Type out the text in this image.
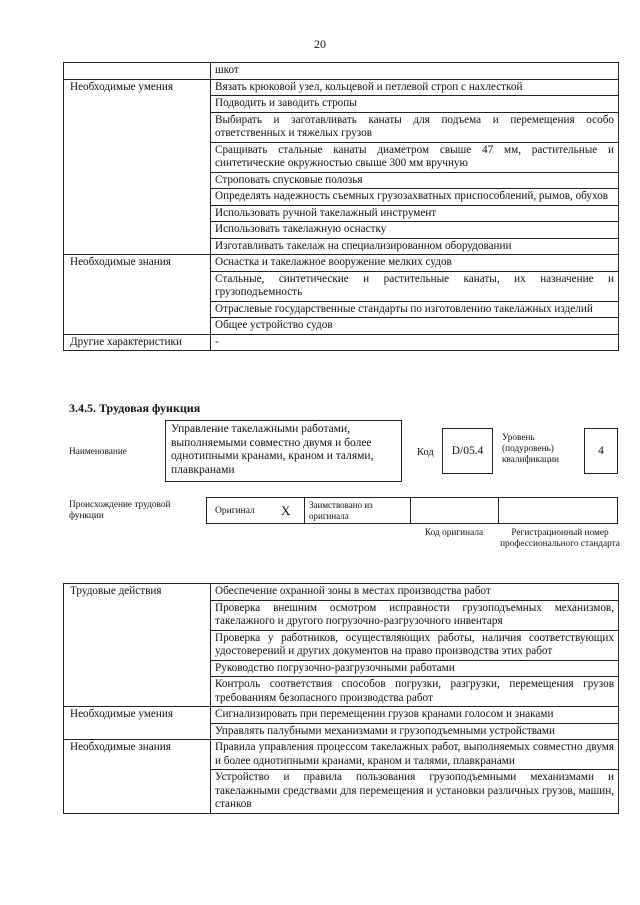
20
	шкот
Необходимые умения	Вязать крюковой узел, кольцевой и петлевой строп с нахлесткой
	Подводить и заводить стропы
	Выбирать и заготавливать канаты для подъема и перемещения особо ответственных и тяжелых грузов
	Сращивать стальные канаты диаметром свыше 47 мм, растительные и синтетические окружностью свыше 300 мм вручную
	Строповать спусковые полозья
	Определять надежность съемных грузозахватных приспособлений, рымов, обухов
	Использовать ручной такелажный инструмент
	Использовать такелажную оснастку
	Изготавливать такелаж на специализированном оборудовании
Необходимые знания	Оснастка и такелажное вооружение мелких судов
	Стальные, синтетические и растительные канаты, их назначение и грузоподъемность
	Отраслевые государственные стандарты по изготовлению такелажных изделий
	Общее устройство судов
Другие характеристики	-
3.4.5. Трудовая функция
Наименование
Управление такелажными работами, выполняемыми совместно двумя и более однотипными кранами, краном и талями, плавкранами
Код	D/05.4
Уровень (подуровень) квалификации
4
Происхождение трудовой функции	Оригинал X Заимствовано из оригинала
Код оригинала	Регистрационный номер профессионального стандарта
Трудовые действия	Обеспечение охранной зоны в местах производства работ
	Проверка внешним осмотром исправности грузоподъемных механизмов, такелажного и другого погрузочно-разгрузочного инвентаря
	Проверка у работников, осуществляющих работы, наличия соответствующих удостоверений и других документов на право производства этих работ
	Руководство погрузочно-разгрузочными работами
	Контроль соответствия способов погрузки, разгрузки, перемещения грузов требованиям безопасного производства работ
Необходимые умения	Сигнализировать при перемещении грузов кранами голосом и знаками
	Управлять палубными механизмами и грузоподъемными устройствами
Необходимые знания	Правила управления процессом такелажных работ, выполняемых совместно двумя и более однотипными кранами, краном и талями, плавкранами
	Устройство и правила пользования грузоподъемными механизмами и такелажными средствами для перемещения и установки различных грузов, машин, станков
